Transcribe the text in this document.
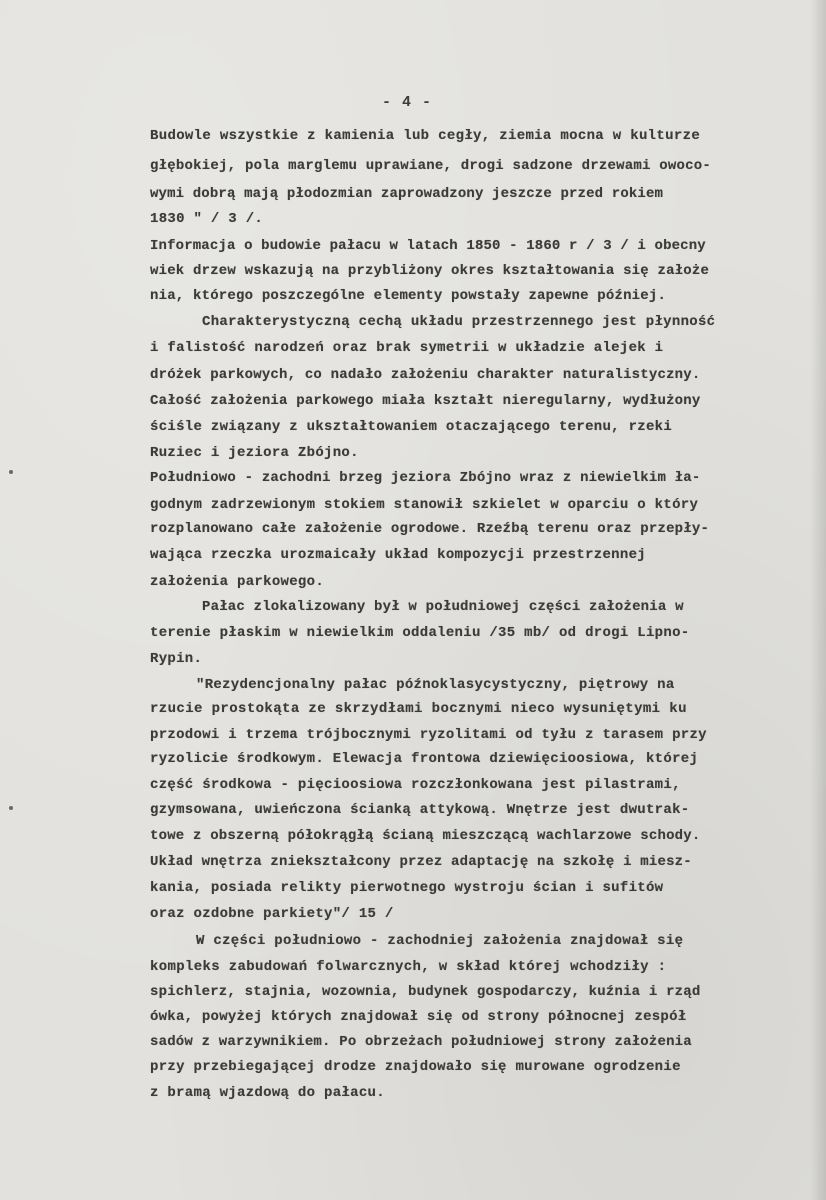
- 4 -
Budowle wszystkie z kamienia lub cegły, ziemia mocna w kulturze
głębokiej, pola marglemu uprawiane, drogi sadzone drzewami owoco-
wymi dobrą mają płodozmian zaprowadzony jeszcze przed rokiem
1830 " / 3 /.
Informacja o budowie pałacu w latach 1850 - 1860 r / 3 / i obecny
wiek drzew wskazują na przybliżony okres kształtowania się założe
nia, którego poszczególne elementy powstały zapewne później.
Charakterystyczną cechą układu przestrzennego jest płynność
i falistość narodzeń oraz brak symetrii w układzie alejek i
dróżek parkowych, co nadało założeniu charakter naturalistyczny.
Całość założenia parkowego miała kształt nieregularny, wydłużony
ściśle związany z ukształtowaniem otaczającego terenu, rzeki
Ruziec i jeziora Zbójno.
Południowo - zachodni brzeg jeziora Zbójno wraz z niewielkim ła-
godnym zadrzewionym stokiem stanowił szkielet w oparciu o który
rozplanowano całe założenie ogrodowe. Rzeźbą terenu oraz przepły-
wająca rzeczka urozmaicały układ kompozycji przestrzennej
założenia parkowego.
Pałac zlokalizowany był w południowej części założenia w
terenie płaskim w niewielkim oddaleniu /35 mb/ od drogi Lipno-
Rypin.
"Rezydencjonalny pałac późnoklasycystyczny, piętrowy na
rzucie prostokąta ze skrzydłami bocznymi nieco wysuniętymi ku
przodowi i trzema trójbocznymi ryzolitami od tyłu z tarasem przy
ryzolicie środkowym. Elewacja frontowa dziewięcioosiowa, której
część środkowa - pięcioosiowa rozczłonkowana jest pilastrami,
gzymsowana, uwieńczona ścianką attykową. Wnętrze jest dwutrak-
towe z obszerną półokrągłą ścianą mieszczącą wachlarzowe schody.
Układ wnętrza zniekształcony przez adaptację na szkołę i miesz-
kania, posiada relikty pierwotnego wystroju ścian i sufitów
oraz ozdobne parkiety"/ 15 /
W części południowo - zachodniej założenia znajdował się
kompleks zabudowań folwarcznych, w skład której wchodziły :
spichlerz, stajnia, wozownia, budynek gospodarczy, kuźnia i rząd
ówka, powyżej których znajdował się od strony północnej zespół
sadów z warzywnikiem. Po obrzeżach południowej strony założenia
przy przebiegającej drodze znajdowało się murowane ogrodzenie
z bramą wjazdową do pałacu.
